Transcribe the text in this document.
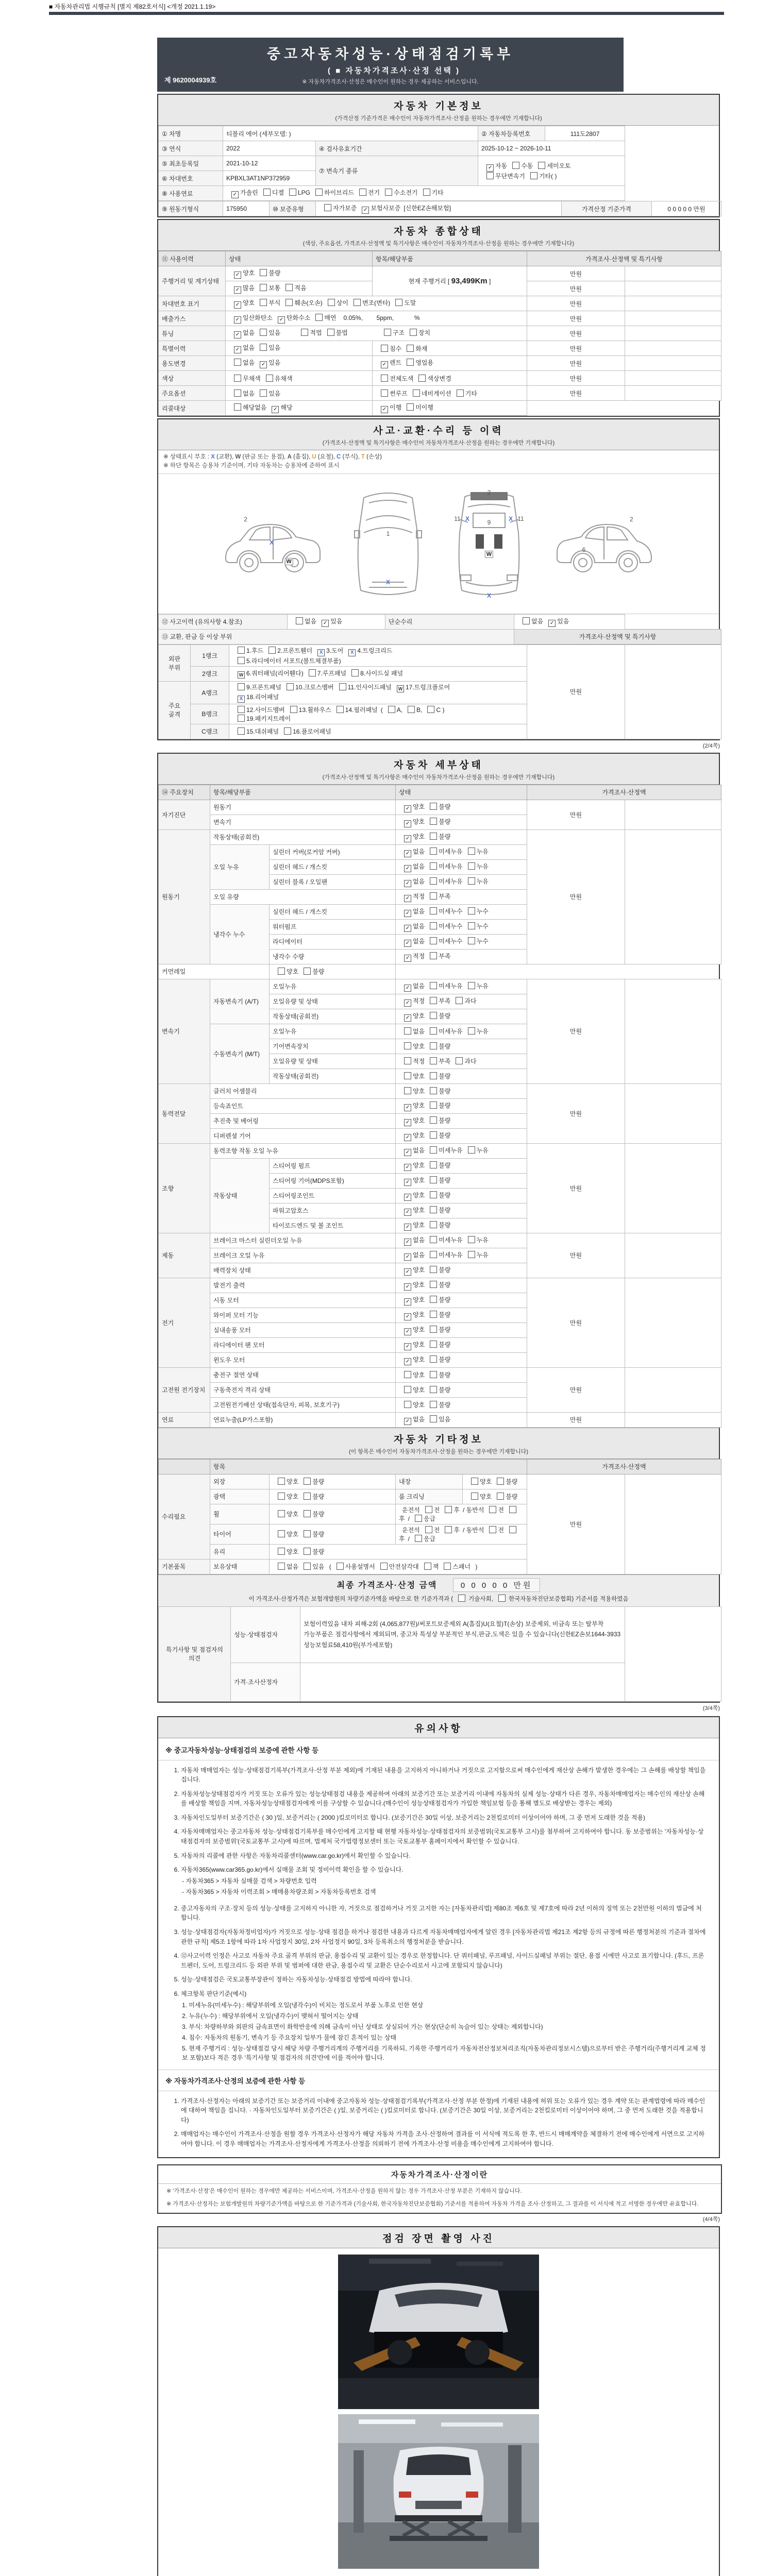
■ 자동차관리법 시행규칙 [별지 제82호서식] <개정 2021.1.19>
중고자동차성능·상태점검기록부
( ■ 자동차가격조사·산정 선택 )
※ 자동차가격조사·산정은 매수인이 원하는 경우 제공하는 서비스입니다.
제 9620004939호
자동차 기본정보
(가격산정 기준가격은 매수인이 자동차가격조사·산정을 원하는 경우에만 기재합니다)
① 차명	티볼리 에어 (세부모델: )		② 자동차등록번호	111도2807
③ 연식	2022	④ 검사유효기간	2025-10-12 ~ 2026-10-11	
⑤ 최초등록일	2021-10-12	⑦ 변속기 종류	✓ 자동 수동 세미오토
무단변속기 기타( )	
⑥ 차대번호	KPBXL3AT1NP372959			
⑧ 사용연료	✓ 가솔린 디젤 LPG 하이브리드 전기 수소전기 기타			
⑨ 원동기형식	175950	⑩ 보증유형	자가보증 ✓ 보험사보증 [신한EZ손해보험]	가격산정 기준가격	0 0 0 0 0 만원
자동차 종합상태
(색상, 주요옵션, 가격조사·산정액 및 특기사항은 매수인이 자동차가격조사·산정을 원하는 경우에만 기재합니다)
⑪ 사용이력	상태	항목/해당부품	가격조사·산정액 및 특기사항	
주행거리 및 계기상태	✓ 양호 불량	현재 주행거리 [ 93,499Km ]	만원	
	✓ 많음 보통 적음		만원	
차대번호 표기	✓ 양호 부식 훼손(오손) 상이 변조(변타) 도말		만원	
배출가스	✓ 일산화탄소 ✓ 탄화수소 매연 0.05%,        5ppm,            %		만원	
튜닝	✓ 없음 있음 적법 불법 구조 장치		만원	
특별이력	✓ 없음 있음	침수 화재	만원	
용도변경	없음 ✓ 있음	✓ 렌트 영업용	만원	
색상	무채색 유채색	전체도색 색상변경	만원	
주요옵션	없음 있음	썬루프 네비게이션 기타	만원	
리콜대상	해당없음 ✓ 해당	✓ 이행 미이행		
사고·교환·수리 등 이력
(가격조사·산정액 및 특기사항은 매수인이 자동차가격조사·산정을 원하는 경우에만 기재합니다)
※ 상태표시 부호 : X (교환), W (판금 또는 용접), A (흠집), U (요철), C (부식), T (손상)
※ 하단 항목은 승용차 기준이며, 기타 자동차는 승용차에 준하여 표시
2
X
W
1
X
2
11 X
9
X 11
W
X
2
6
⑫ 사고이력 (유의사항 4.참조)	없음 ✓ 있음	단순수리	없음 ✓ 있음	
⑬ 교환, 판금 등 이상 부위			가격조사·산정액 및 특기사항	
외판 부위	1랭크	1.후드 2.프론트휀더 X 3.도어 X 4.트렁크리드
5.라디에이터 서포트(볼트체결부품)	만원	
	2랭크	W 6.쿼터패널(리어휀다) 7.루프패널 8.사이드실 패널		
주요 골격	A랭크	9.프론트패널 10.크로스멤버 11.인사이드패널 W 17.트렁크플로어
X 18.리어패널		
	B랭크	12.사이드멤버 13.휠하우스 14.필러패널 ( A, B, C )
19.패키지트레이		
	C랭크	15.대쉬패널 16.플로어패널		
(2/4쪽)
자동차 세부상태
(가격조사·산정액 및 특기사항은 매수인이 자동차가격조사·산정을 원하는 경우에만 기재합니다)
⑭ 주요장치	항목/해당부품		상태	가격조사·산정액	
자기진단	원동기		✓ 양호 불량	만원	
	변속기		✓ 양호 불량		
원동기	작동상태(공회전)		✓ 양호 불량	만원	
	오일 누유	실린더 커버(로커암 커버)	✓ 없음 미세누유 누유		
		실린더 헤드 / 개스킷	✓ 없음 미세누유 누유		
		실린더 블록 / 오일팬	✓ 없음 미세누유 누유		
	오일 유량		✓ 적정 부족		
	냉각수 누수	실린더 헤드 / 개스킷	✓ 없음 미세누수 누수		
		워터펌프	✓ 없음 미세누수 누수		
		라디에이터	✓ 없음 미세누수 누수		
		냉각수 수량	✓ 적정 부족		
커먼레일		양호 불량			
변속기	자동변속기 (A/T)	오일누유	✓ 없음 미세누유 누유	만원	
		오일유량 및 상태	✓ 적정 부족 과다		
		작동상태(공회전)	✓ 양호 불량		
	수동변속기 (M/T)	오일누유	없음 미세누유 누유		
		기어변속장치	양호 불량		
		오일유량 및 상태	적정 부족 과다		
		작동상태(공회전)	양호 불량		
동력전달	클러치 어셈블리		양호 불량	만원	
	등속죠인트		✓ 양호 불량		
	추진축 및 베어링		✓ 양호 불량		
	디퍼렌셜 기어		✓ 양호 불량		
조향	동력조향 작동 오일 누유		✓ 없음 미세누유 누유	만원	
	작동상태	스티어링 펌프	✓ 양호 불량		
		스티어링 기어(MDPS포함)	✓ 양호 불량		
		스티어링조인트	✓ 양호 불량		
		파워고압호스	✓ 양호 불량		
		타이로드엔드 및 볼 조인트	✓ 양호 불량		
제동	브레이크 마스터 실린더오일 누유		✓ 없음 미세누유 누유	만원	
	브레이크 오일 누유		✓ 없음 미세누유 누유		
	배력장치 상태		✓ 양호 불량		
전기	발전기 출력		✓ 양호 불량	만원	
	시동 모터		✓ 양호 불량		
	와이퍼 모터 기능		✓ 양호 불량		
	실내송풍 모터		✓ 양호 불량		
	라디에이터 팬 모터		✓ 양호 불량		
	윈도우 모터		✓ 양호 불량		
고전원 전기장치	충전구 절연 상태		양호 불량	만원	
	구동축전지 격리 상태		양호 불량		
	고전원전기배선 상태(접속단자, 피복, 보호기구)		양호 불량		
연료	연료누출(LP가스포함)		✓ 없음 있음	만원	
자동차 기타정보
(이 항목은 매수인이 자동차가격조사·산정을 원하는 경우에만 기재합니다)
	항목				가격조사·산정액	
수리필요	외장	양호 불량	내장	양호 불량	만원	
	광택	양호 불량	룸 크리닝	양호 불량		
	휠	양호 불량	운전석 전 후 / 동반석 전후 / 응급			
	타이어	양호 불량	운전석 전 후 / 동반석 전후 / 응급			
	유리	양호 불량				
기본품목	보유상태	없음 있음 ( 사용설명서 안전삼각대 잭 스패너 )				
최종 가격조사·산정 금액	0 0 0 0 0 만원
이 가격조사·산정가격은 보험개발원의 차량기준가액을 바탕으로 한 기준가격과 (	기술사회,	한국자동차진단보증협회) 기준서를 적용하였음
특기사항 및 점검자의 의견	성능·상태점검자	보험이력있음 내차 피해-2회 (4,065,877원)/써포트보증제외 A(흠집)U(요철)T(손상) 보증제외, 비금속 또는 탈부착 가능부품은 점검사항에서 제외되며, 중고차 특성상 부분적인 부식,판금,도색은 있을 수 있습니다(신한EZ손보1644-3933 성능보험료58,410원(부가세포함)	
	가격·조사산정자		
(3/4쪽)
유의사항
※ 중고자동차성능·상태점검의 보증에 관한 사항 등
1. 자동차 매매업자는 성능·상태점검기록부(가격조사·산정 부분 제외)에 기재된 내용을 고지하지 아니하거나 거짓으로 고지함으로써 매수인에게 재산상 손해가 발생한 경우에는 그 손해를 배상할 책임을 집니다.
2. 자동차성능상태점검자가 거짓 또는 오류가 있는 성능상태점검 내용을 제공하여 아래의 보증기간 또는 보증거리 이내에 자동차의 실제 성능·상태가 다른 경우, 자동차매매업자는 매수인의 재산상 손해를 배상할 책임을 지며, 자동차성능상태점검자에게 이를 구상할 수 있습니다.(매수인이 성능상태점검자가 가입한 책임보험 등을 통해 별도로 배상받는 경우는 제외)
3. 자동차인도일부터 보증기간은 ( 30 )일, 보증거리는 ( 2000 )킬로미터로 합니다. (보증기간은 30일 이상, 보증거리는 2천킬로미터 이상이어야 하며, 그 중 먼저 도래한 것을 적용)
4. 자동차매매업자는 중고자동차 성능·상태점검기록부를 매수인에게 고지할 때 현행 자동차성능·상태점검자의 보증범위(국토교통부 고시)를 첨부하여 고지하여야 합니다. 동 보증범위는 '자동차성능·상태점검자의 보증범위'(국토교통부 고시)에 따르며, 법제처 국가법령정보센터 또는 국토교통부 홈페이지에서 확인할 수 있습니다.
5. 자동차의 리콜에 관한 사항은 자동차리콜센터(www.car.go.kr)에서 확인할 수 있습니다.
6. 자동차365(www.car365.go.kr)에서 실매물 조회 및 정비이력 확인을 할 수 있습니다.
- 자동차365 > 자동차 실매물 검색 > 차량번호 입력
- 자동차365 > 자동차 이력조회 > 매매용차량조회 > 자동차등록번호 검색
2. 중고자동차의 구조·장치 등의 성능·상태를 고지하지 아니한 자, 거짓으로 점검하거나 거짓 고지한 자는 [자동차관리법] 제80조 제6호 및 제7호에 따라 2년 이하의 징역 또는 2천만원 이하의 벌금에 처합니다.
3. 성능·상태점검자(자동차정비업자)가 거짓으로 성능·상태 점검을 하거나 점검한 내용과 다르게 자동차매매업자에게 알린 경우 [자동차관리법 제21조 제2항 등의 규정에 따른 행정처분의 기준과 절차에 관한 규칙] 제5조 1항에 따라 1차 사업정지 30일, 2차 사업정지 90일, 3차 등록취소의 행정처분을 받습니다.
4. ⑫사고이력 인정은 사고로 자동차 주요 골격 부위의 판금, 용접수리 및 교환이 있는 경우로 한정합니다. 단 쿼터패널, 루프패널, 사이드실패널 부위는 절단, 용접 시에만 사고로 표기합니다. (후드, 프론트펜더, 도어, 트렁크리드 등 외판 부위 및 범퍼에 대한 판금, 용접수리 및 교환은 단순수리로서 사고에 포함되지 않습니다)
5. 성능·상태점검은 국토교통부장관이 정하는 자동차성능·상태점검 방법에 따라야 합니다.
6. 체크항목 판단기준(예시)
1. 미세누유(미세누수) : 해당부위에 오일(냉각수)이 비치는 정도로서 부품 노후로 인한 현상
2. 누유(누수) : 해당부위에서 오일(냉각수)이 맺혀서 떨어지는 상태
3. 부식: 차량하부와 외판의 금속표면이 화학반응에 의해 금속이 아닌 상태로 상실되어 가는 현상(단순히 녹슬어 있는 상태는 제외합니다)
4. 침수: 자동차의 원동기, 변속기 등 주요장치 일부가 물에 잠긴 흔적이 있는 상태
5. 현재 주행거리 : 성능·상태점검 당시 해당 차량 주행거리계의 주행거리를 기록하되, 기록한 주행거리가 자동차전산정보처리조직(자동차관리정보시스템)으로부터 받은 주행거리(주행거리계 교체 정보 포함)보다 적은 경우 '특기사항 및 점검자의 의견'란에 이를 적어야 합니다.
※ 자동차가격조사·산정의 보증에 관한 사항 등
1. 가격조사·산정자는 아래의 보증기간 또는 보증거리 이내에 중고자동차 성능·상태점검기록부(가격조사·산정 부분 한정)에 기재된 내용에 허위 또는 오류가 있는 경우 계약 또는 관계법령에 따라 매수인에 대하여 책임을 집니다. · 자동차인도일부터 보증기간은 ( )일, 보증거리는 ( )킬로미터로 합니다. (보증기간은 30일 이상, 보증거리는 2천킬로미터 이상이어야 하며, 그 중 먼저 도래한 것을 적용합니다)
2. 매매업자는 매수인이 가격조사·산정을 원할 경우 가격조사·산정자가 해당 자동차 가격을 조사·산정하여 결과를 이 서식에 적도록 한 후, 반드시 매매계약을 체결하기 전에 매수인에게 서면으로 고지하여야 합니다. 이 경우 매매업자는 가격조사·산정자에게 가격조사·산정을 의뢰하기 전에 가격조사·산정 비용을 매수인에게 고지하여야 합니다.
자동차가격조사·산정이란
※ '가격조사·산정'은 매수인이 원하는 경우에만 제공하는 서비스이며, 가격조사·산정을 원하지 않는 경우 가격조사·산정 부분은 기재하지 않습니다.
※ 가격조사·산정자는 보험개발원의 차량기준가액을 바탕으로 한 기준가격과 (기술사회, 한국자동차진단보증협회) 기준서를 적용하여 자동차 가격을 조사·산정하고, 그 결과를 이 서식에 적고 서명한 경우에만 유효합니다.
(4/4쪽)
점검 장면 촬영 사진
